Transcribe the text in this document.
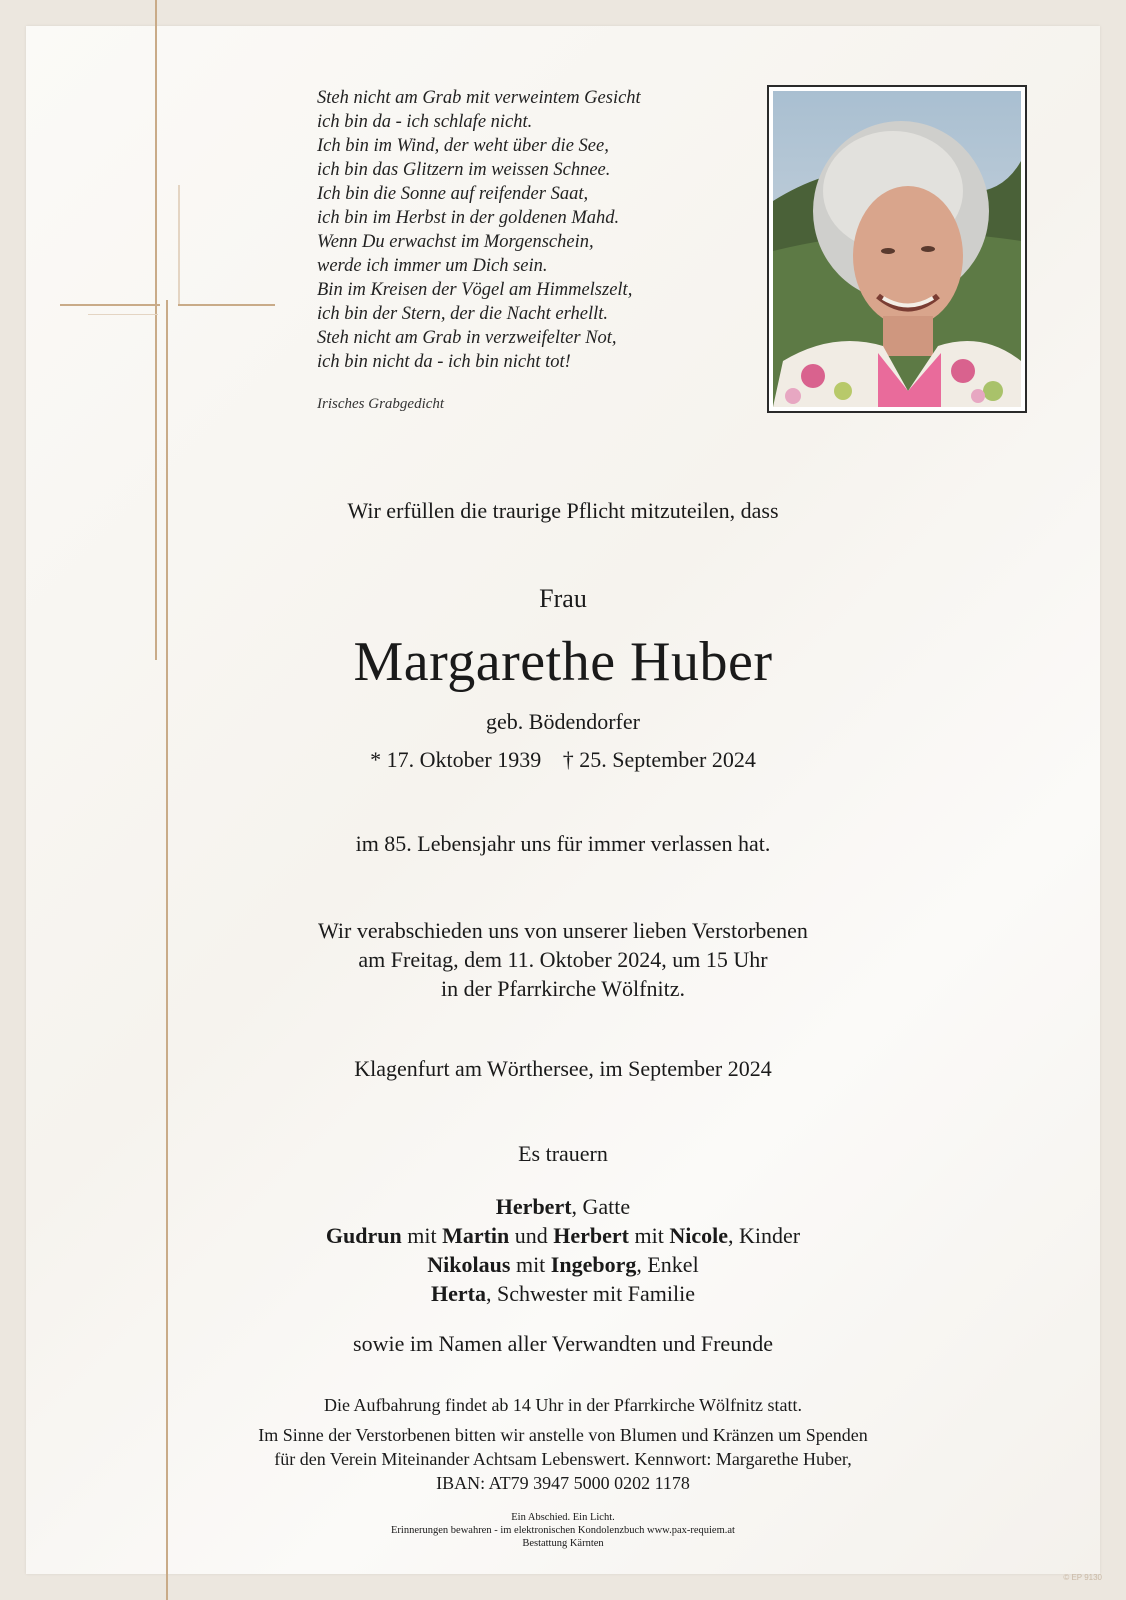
Steh nicht am Grab mit verweintem Gesicht
ich bin da - ich schlafe nicht.
Ich bin im Wind, der weht über die See,
ich bin das Glitzern im weissen Schnee.
Ich bin die Sonne auf reifender Saat,
ich bin im Herbst in der goldenen Mahd.
Wenn Du erwachst im Morgenschein,
werde ich immer um Dich sein.
Bin im Kreisen der Vögel am Himmelszelt,
ich bin der Stern, der die Nacht erhellt.
Steh nicht am Grab in verzweifelter Not,
ich bin nicht da - ich bin nicht tot!
Irisches Grabgedicht
Wir erfüllen die traurige Pflicht mitzuteilen, dass
Frau
Margarethe Huber
geb. Bödendorfer
* 17. Oktober 1939 † 25. September 2024
im 85. Lebensjahr uns für immer verlassen hat.
Wir verabschieden uns von unserer lieben Verstorbenen
am Freitag, dem 11. Oktober 2024, um 15 Uhr
in der Pfarrkirche Wölfnitz.
Klagenfurt am Wörthersee, im September 2024
Es trauern
Herbert, Gatte
Gudrun mit Martin und Herbert mit Nicole, Kinder
Nikolaus mit Ingeborg, Enkel
Herta, Schwester mit Familie
sowie im Namen aller Verwandten und Freunde
Die Aufbahrung findet ab 14 Uhr in der Pfarrkirche Wölfnitz statt.
Im Sinne der Verstorbenen bitten wir anstelle von Blumen und Kränzen um Spenden
für den Verein Miteinander Achtsam Lebenswert. Kennwort: Margarethe Huber,
IBAN: AT79 3947 5000 0202 1178
Ein Abschied. Ein Licht.
Erinnerungen bewahren - im elektronischen Kondolenzbuch www.pax-requiem.at
Bestattung Kärnten
© EP 9130
